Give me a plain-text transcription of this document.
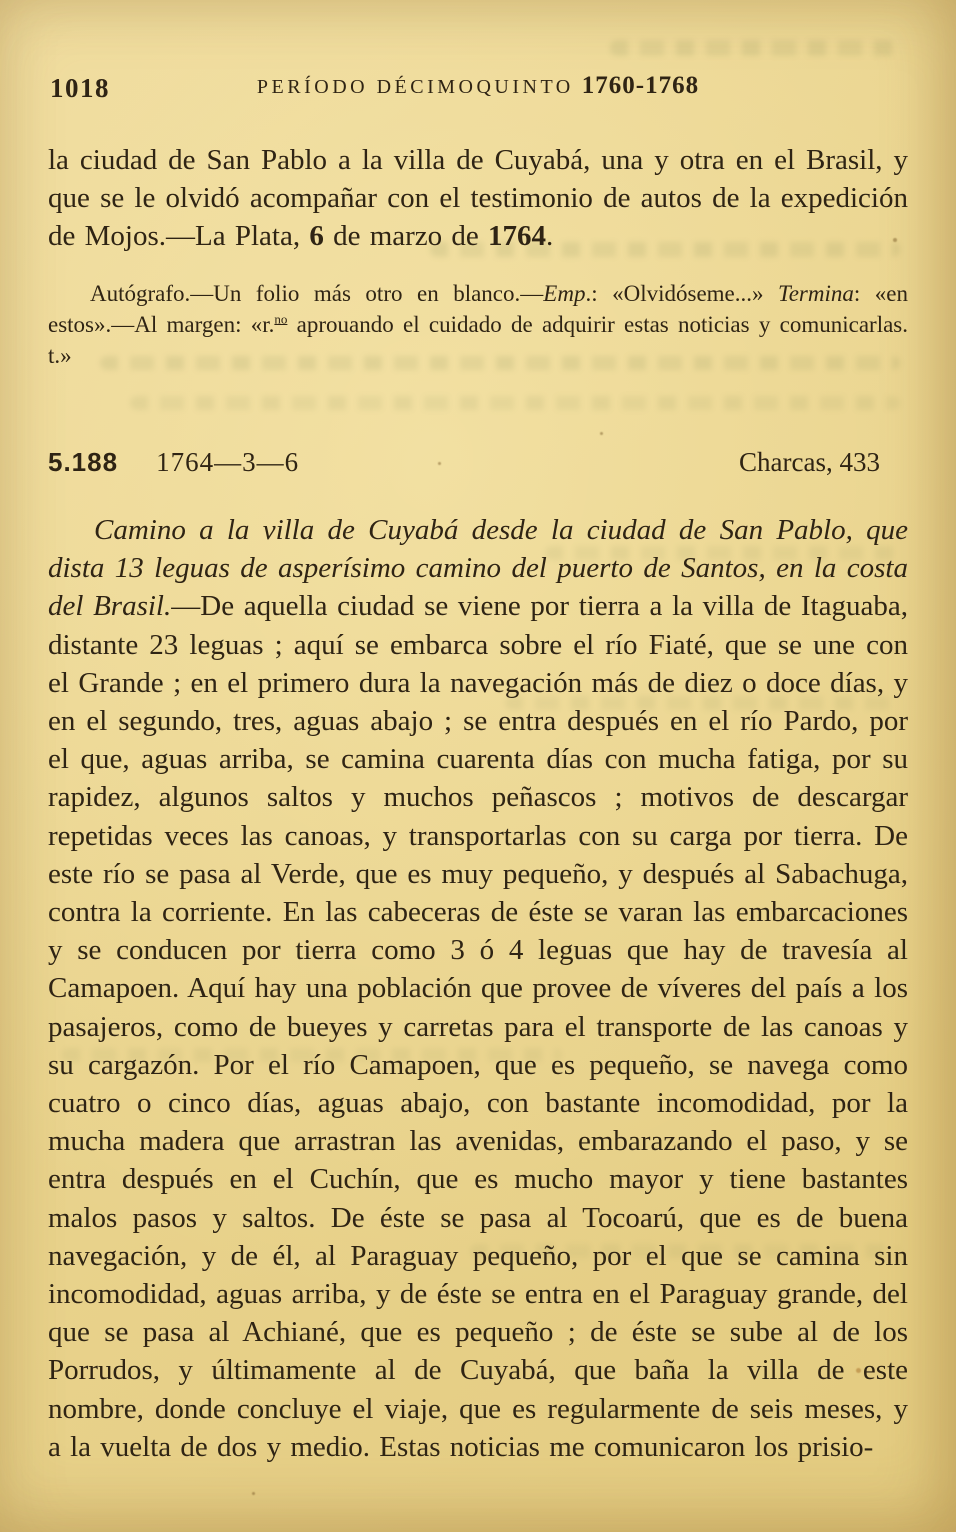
1018	PERÍODO DÉCIMOQUINTO 1760-1768

la ciudad de San Pablo a la villa de Cuyabá, una y otra en el Brasil, y que se le olvidó acompañar con el testimonio de autos de la expedición de Mojos.—La Plata, 6 de marzo de 1764.

Autógrafo.—Un folio más otro en blanco.—Emp.: «Olvidóseme...» Termina: «en estos».—Al margen: «r.$^{no}$ aprouando el cuidado de adquirir estas noticias y comunicarlas. t.»

5.188 1764—3—6	Charcas, 433

Camino a la villa de Cuyabá desde la ciudad de San Pablo, que dista 13 leguas de asperísimo camino del puerto de Santos, en la costa del Brasil.—De aquella ciudad se viene por tierra a la villa de Itaguaba, distante 23 leguas ; aquí se embarca sobre el río Fiaté, que se une con el Grande ; en el primero dura la navegación más de diez o doce días, y en el segundo, tres, aguas abajo ; se entra después en el río Pardo, por el que, aguas arriba, se camina cuarenta días con mucha fatiga, por su rapidez, algunos saltos y muchos peñascos ; motivos de descargar repetidas veces las canoas, y transportarlas con su carga por tierra. De este río se pasa al Verde, que es muy pequeño, y después al Sabachuga, contra la corriente. En las cabeceras de éste se varan las embarcaciones y se conducen por tierra como 3 ó 4 leguas que hay de travesía al Camapoen. Aquí hay una población que provee de víveres del país a los pasajeros, como de bueyes y carretas para el transporte de las canoas y su cargazón. Por el río Camapoen, que es pequeño, se navega como cuatro o cinco días, aguas abajo, con bastante incomodidad, por la mucha madera que arrastran las avenidas, embarazando el paso, y se entra después en el Cuchín, que es mucho mayor y tiene bastantes malos pasos y saltos. De éste se pasa al Tocoarú, que es de buena navegación, y de él, al Paraguay pequeño, por el que se camina sin incomodidad, aguas arriba, y de éste se entra en el Paraguay grande, del que se pasa al Achiané, que es pequeño ; de éste se sube al de los Porrudos, y últimamente al de Cuyabá, que baña la villa de este nombre, donde concluye el viaje, que es regularmente de seis meses, y a la vuelta de dos y medio. Estas noticias me comunicaron los prisio-
